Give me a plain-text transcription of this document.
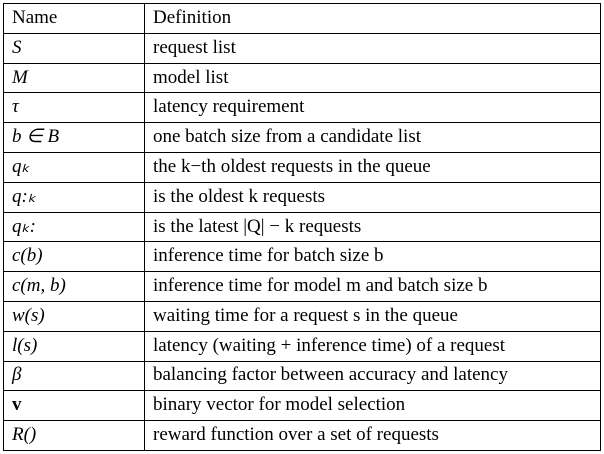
Name	Definition
S	request list
M	model list
τ	latency requirement
b ∈ B	one batch size from a candidate list
qₖ	the k−th oldest requests in the queue
q:ₖ	is the oldest k requests
qₖ:	is the latest |Q| − k requests
c(b)	inference time for batch size b
c(m, b)	inference time for model m and batch size b
w(s)	waiting time for a request s in the queue
l(s)	latency (waiting + inference time) of a request
β	balancing factor between accuracy and latency
v	binary vector for model selection
R()	reward function over a set of requests
